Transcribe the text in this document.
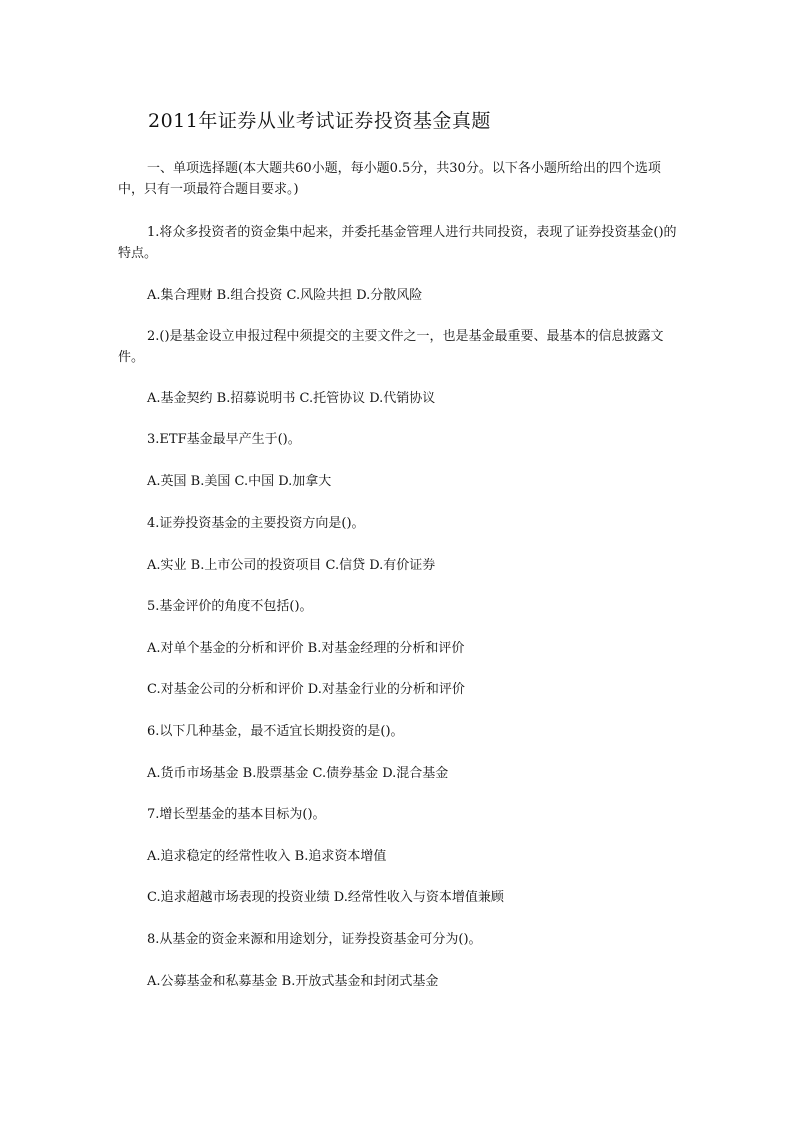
2011年证券从业考试证券投资基金真题

一、单项选择题(本大题共60小题，每小题0.5分，共30分。以下各小题所给出的四个选项中，只有一项最符合题目要求。)

1.将众多投资者的资金集中起来，并委托基金管理人进行共同投资，表现了证券投资基金()的特点。

A.集合理财 B.组合投资 C.风险共担 D.分散风险

2.()是基金设立申报过程中须提交的主要文件之一，也是基金最重要、最基本的信息披露文件。

A.基金契约 B.招募说明书 C.托管协议 D.代销协议

3.ETF基金最早产生于()。

A.英国 B.美国 C.中国 D.加拿大

4.证券投资基金的主要投资方向是()。

A.实业 B.上市公司的投资项目 C.信贷 D.有价证券

5.基金评价的角度不包括()。

A.对单个基金的分析和评价 B.对基金经理的分析和评价

C.对基金公司的分析和评价 D.对基金行业的分析和评价

6.以下几种基金，最不适宜长期投资的是()。

A.货币市场基金 B.股票基金 C.债券基金 D.混合基金

7.增长型基金的基本目标为()。

A.追求稳定的经常性收入 B.追求资本增值

C.追求超越市场表现的投资业绩 D.经常性收入与资本增值兼顾

8.从基金的资金来源和用途划分，证券投资基金可分为()。

A.公募基金和私募基金 B.开放式基金和封闭式基金
